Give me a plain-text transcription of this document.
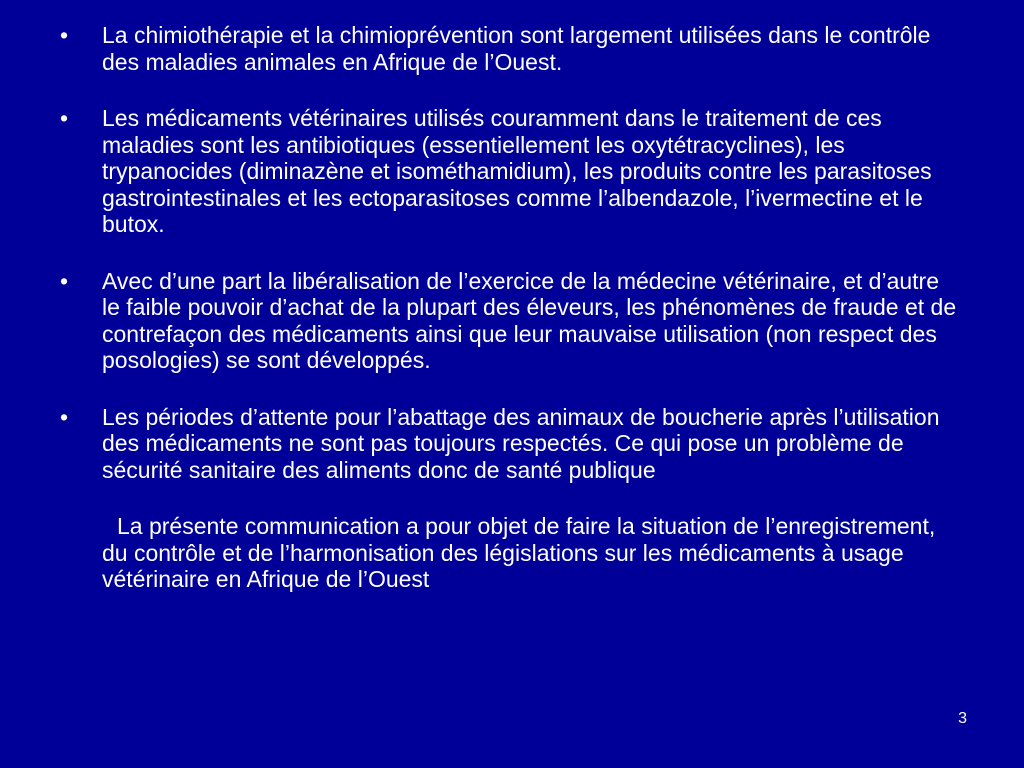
•	La chimiothérapie et la chimioprévention sont largement utilisées dans le contrôle des maladies animales en Afrique de l’Ouest.
•	Les médicaments vétérinaires utilisés couramment dans le traitement de ces maladies sont les antibiotiques (essentiellement les oxytétracyclines), les trypanocides (diminazène et isométhamidium), les produits contre les parasitoses gastrointestinales et les ectoparasitoses comme l’albendazole, l’ivermectine et le butox.
•	Avec d’une part la libéralisation de l’exercice de la médecine vétérinaire, et d’autre le faible pouvoir d’achat de la plupart des éleveurs, les phénomènes de fraude et de contrefaçon des médicaments ainsi que leur mauvaise utilisation (non respect des posologies) se sont développés.
•	Les périodes d’attente pour l’abattage des animaux de boucherie après l’utilisation des médicaments ne sont pas toujours respectés. Ce qui pose un problème de sécurité sanitaire des aliments donc de santé publique
La présente communication a pour objet de faire la situation de l’enregistrement, du contrôle et de l’harmonisation des législations sur les médicaments à usage vétérinaire en Afrique de l’Ouest
3
